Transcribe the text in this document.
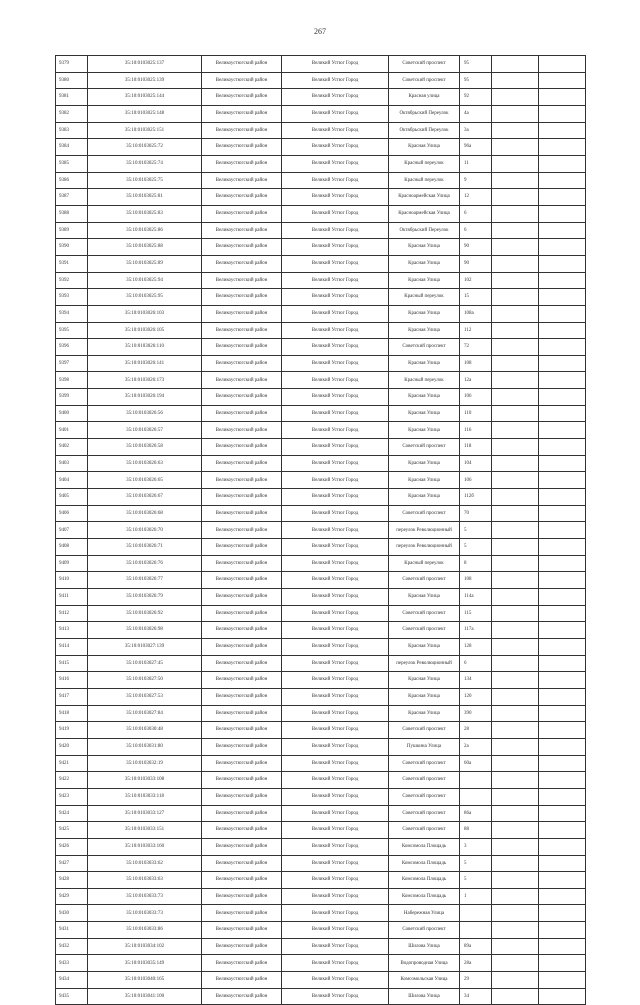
267
9379	35:10:0103025:137	Великоустюгский район	Великий Устюг Город	Советский проспект	95		
9380	35:10:0103025:139	Великоустюгский район	Великий Устюг Город	Советский проспект	95		
9381	35:10:0103025:144	Великоустюгский район	Великий Устюг Город	Красная улица	92		
9382	35:10:0103025:148	Великоустюгский район	Великий Устюг Город	Октябрьский Переулок	4а		
9383	35:10:0103025:151	Великоустюгский район	Великий Устюг Город	Октябрьский Переулок	3а		
9384	35:10:0103025:72	Великоустюгский район	Великий Устюг Город	Красная Улица	96а		
9385	35:10:0103025:74	Великоустюгский район	Великий Устюг Город	Красный переулок	11		
9386	35:10:0103025:75	Великоустюгский район	Великий Устюг Город	Красный переулок	9		
9387	35:10:0103025:81	Великоустюгский район	Великий Устюг Город	Красноармейская Улица	12		
9388	35:10:0103025:83	Великоустюгский район	Великий Устюг Город	Красноармейская Улица	6		
9389	35:10:0103025:86	Великоустюгский район	Великий Устюг Город	Октябрьский Переулок	6		
9390	35:10:0103025:88	Великоустюгский район	Великий Устюг Город	Красная Улица	90		
9391	35:10:0103025:89	Великоустюгский район	Великий Устюг Город	Красная Улица	90		
9392	35:10:0103025:94	Великоустюгский район	Великий Устюг Город	Красная Улица	102		
9393	35:10:0103025:95	Великоустюгский район	Великий Устюг Город	Красный переулок	15		
9394	35:10:0103026:103	Великоустюгский район	Великий Устюг Город	Красная Улица	108а		
9395	35:10:0103026:105	Великоустюгский район	Великий Устюг Город	Красная Улица	112		
9396	35:10:0103026:110	Великоустюгский район	Великий Устюг Город	Советский проспект	72		
9397	35:10:0103026:141	Великоустюгский район	Великий Устюг Город	Красная Улица	108		
9398	35:10:0103026:173	Великоустюгский район	Великий Устюг Город	Красный переулок	12а		
9399	35:10:0103026:194	Великоустюгский район	Великий Устюг Город	Красная Улица	106		
9400	35:10:0103026:56	Великоустюгский район	Великий Устюг Город	Красная Улица	110		
9401	35:10:0103026:57	Великоустюгский район	Великий Устюг Город	Красная Улица	116		
9402	35:10:0103026:58	Великоустюгский район	Великий Устюг Город	Советский проспект	118		
9403	35:10:0103026:63	Великоустюгский район	Великий Устюг Город	Красная Улица	104		
9404	35:10:0103026:65	Великоустюгский район	Великий Устюг Город	Красная Улица	106		
9405	35:10:0103026:67	Великоустюгский район	Великий Устюг Город	Красная Улица	112б		
9406	35:10:0103026:68	Великоустюгский район	Великий Устюг Город	Советский проспект	70		
9407	35:10:0103026:70	Великоустюгский район	Великий Устюг Город	переулок Революционный	5		
9408	35:10:0103026:71	Великоустюгский район	Великий Устюг Город	переулок Революционный	5		
9409	35:10:0103026:76	Великоустюгский район	Великий Устюг Город	Красный переулок	8		
9410	35:10:0103026:77	Великоустюгский район	Великий Устюг Город	Советский проспект	108		
9411	35:10:0103026:79	Великоустюгский район	Великий Устюг Город	Красная Улица	114а		
9412	35:10:0103026:92	Великоустюгский район	Великий Устюг Город	Советский проспект	115		
9413	35:10:0103026:98	Великоустюгский район	Великий Устюг Город	Советский проспект	117а		
9414	35:10:0103027:139	Великоустюгский район	Великий Устюг Город	Красная Улица	128		
9415	35:10:0103027:45	Великоустюгский район	Великий Устюг Город	переулок Революционный	6		
9416	35:10:0103027:50	Великоустюгский район	Великий Устюг Город	Красная Улица	134		
9417	35:10:0103027:53	Великоустюгский район	Великий Устюг Город	Красная Улица	120		
9418	35:10:0103027:84	Великоустюгский район	Великий Устюг Город	Красная Улица	390		
9419	35:10:0103030:48	Великоустюгский район	Великий Устюг Город	Советский проспект	28		
9420	35:10:0103031:80	Великоустюгский район	Великий Устюг Город	Пушкина Улица	2а		
9421	35:10:0103032:19	Великоустюгский район	Великий Устюг Город	Советский проспект	60а		
9422	35:10:0103033:108	Великоустюгский район	Великий Устюг Город	Советский проспект			
9423	35:10:0103033:118	Великоустюгский район	Великий Устюг Город	Советский проспект			
9424	35:10:0103033:127	Великоустюгский район	Великий Устюг Город	Советский проспект	86а		
9425	35:10:0103033:151	Великоустюгский район	Великий Устюг Город	Советский проспект	88		
9426	35:10:0103033:160	Великоустюгский район	Великий Устюг Город	Комсомола Площадь	3		
9427	35:10:0103033:62	Великоустюгский район	Великий Устюг Город	Комсомола Площадь	5		
9428	35:10:0103033:63	Великоустюгский район	Великий Устюг Город	Комсомола Площадь	5		
9429	35:10:0103033:73	Великоустюгский район	Великий Устюг Город	Комсомола Площадь	1		
9430	35:10:0103033:73	Великоустюгский район	Великий Устюг Город	Набережная Улица			
9431	35:10:0103033:86	Великоустюгский район	Великий Устюг Город	Советский проспект			
9432	35:10:0103034:102	Великоустюгский район	Великий Устюг Город	Шилова Улица	89а		
9433	35:10:0103035:149	Великоустюгский район	Великий Устюг Город	Водопроводная Улица	28а		
9434	35:10:0103040:165	Великоустюгский район	Великий Устюг Город	Комсомольская Улица	29		
9435	35:10:0103041:100	Великоустюгский район	Великий Устюг Город	Шилова Улица	34		
